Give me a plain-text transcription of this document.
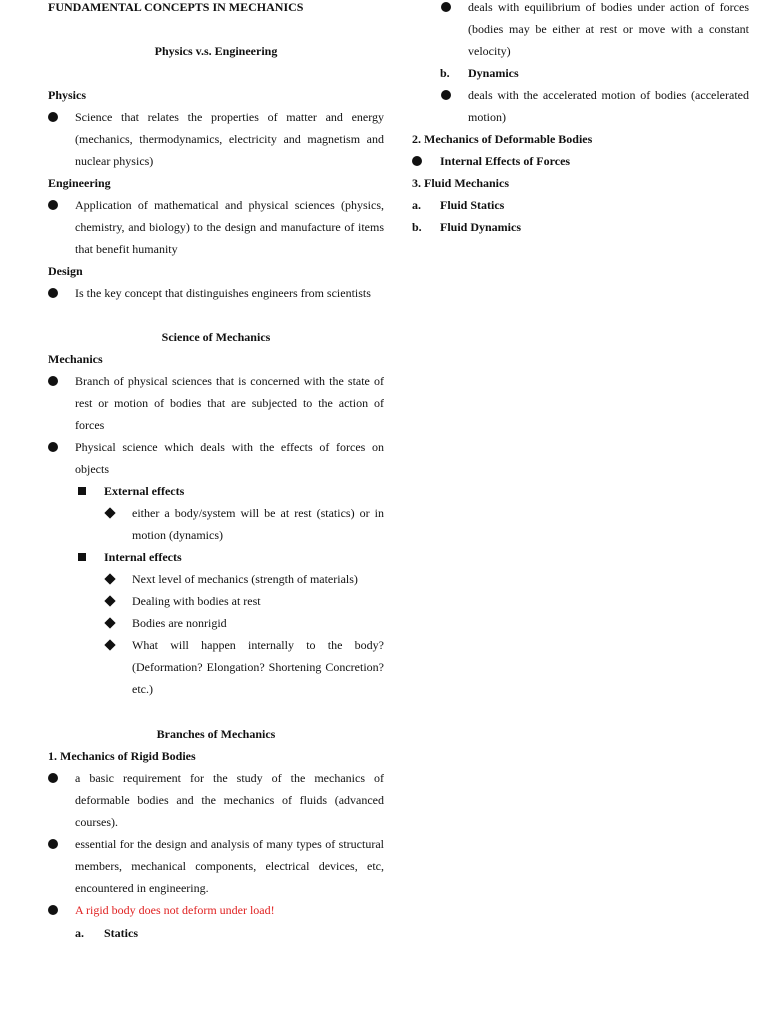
FUNDAMENTAL CONCEPTS IN MECHANICS
Physics v.s. Engineering
Physics
Science that relates the properties of matter and energy (mechanics, thermodynamics, electricity and magnetism and nuclear physics)
Engineering
Application of mathematical and physical sciences (physics, chemistry, and biology) to the design and manufacture of items that benefit humanity
Design
Is the key concept that distinguishes engineers from scientists
Science of Mechanics
Mechanics
Branch of physical sciences that is concerned with the state of rest or motion of bodies that are subjected to the action of forces
Physical science which deals with the effects of forces on objects
External effects
either a body/system will be at rest (statics) or in motion (dynamics)
Internal effects
Next level of mechanics (strength of materials)
Dealing with bodies at rest
Bodies are nonrigid
What will happen internally to the body? (Deformation? Elongation? Shortening Concretion? etc.)
Branches of Mechanics
1. Mechanics of Rigid Bodies
a basic requirement for the study of the mechanics of deformable bodies and the mechanics of fluids (advanced courses).
essential for the design and analysis of many types of structural members, mechanical components, electrical devices, etc, encountered in engineering.
A rigid body does not deform under load!
a. Statics
deals with equilibrium of bodies under action of forces (bodies may be either at rest or move with a constant velocity)
b. Dynamics
deals with the accelerated motion of bodies (accelerated motion)
2. Mechanics of Deformable Bodies
Internal Effects of Forces
3. Fluid Mechanics
a. Fluid Statics
b. Fluid Dynamics
